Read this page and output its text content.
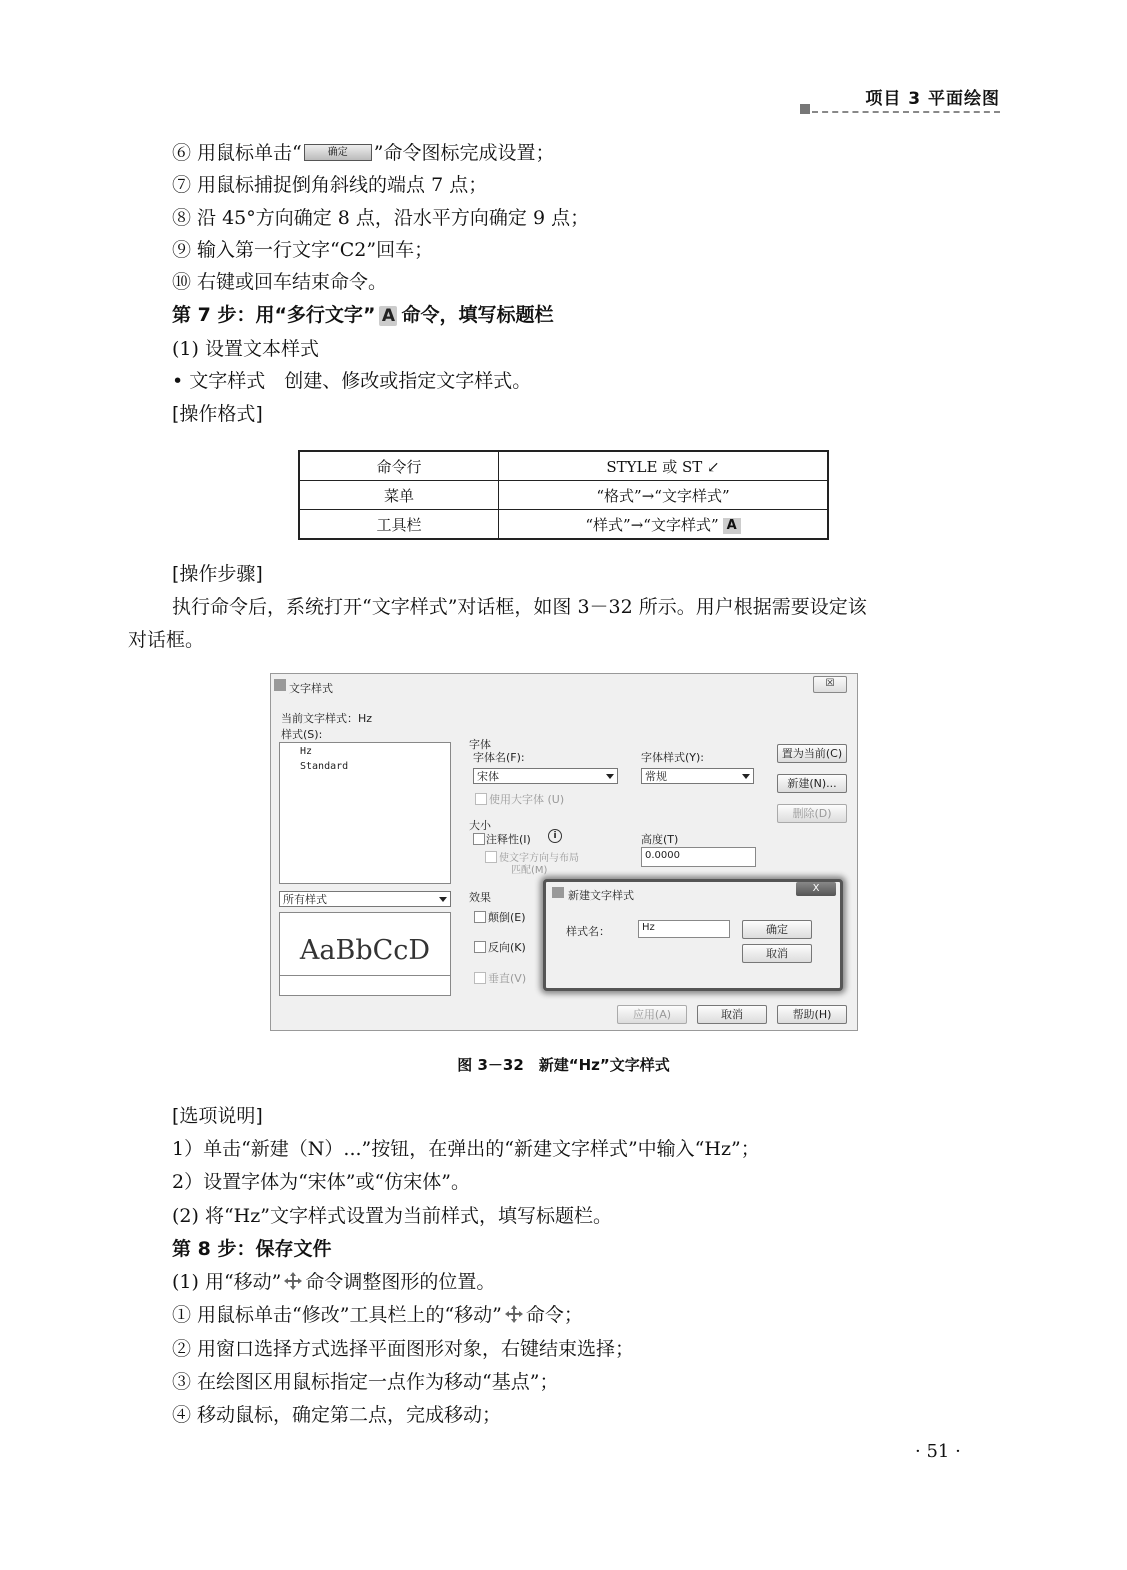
项目 3 平面绘图
⑥ 用鼠标单击“	确定 ”命令图标完成设置；
⑦ 用鼠标捕捉倒角斜线的端点 7 点；
⑧ 沿 45°方向确定 8 点，沿水平方向确定 9 点；
⑨ 输入第一行文字“C2”回车；
⑩ 右键或回车结束命令。
第 7 步：用“多行文字” A 命令，填写标题栏
(1) 设置文本样式
• 文字样式　创建、修改或指定文字样式。
[操作格式]
命令行	STYLE 或 ST ↙
菜单	“格式”→“文字样式”
工具栏	“样式”→“文字样式” A
[操作步骤]
执行命令后，系统打开“文字样式”对话框，如图 3－32 所示。用户根据需要设定该
对话框。
文字样式	☒
当前文字样式：Hz
样式(S):
Hz
Standard
所有样式
AaBbCcD
字体
字体名(F):
宋体
字体样式(Y):
常规
使用大字体 (U)
大小
注释性(I)	i
使文字方向与布局
匹配(M)
高度(T)
0.0000
效果
颠倒(E)
反向(K)
垂直(V)
置为当前(C)
新建(N)...
删除(D)
应用(A)	取消	帮助(H)
新建文字样式
X
样式名：	Hz	确定
取消
图 3－32　新建“Hz”文字样式
[选项说明]
1）单击“新建（N）...”按钮，在弹出的“新建文字样式”中输入“Hz”；
2）设置字体为“宋体”或“仿宋体”。
(2) 将“Hz”文字样式设置为当前样式，填写标题栏。
第 8 步：保存文件
(1) 用“移动” 命令调整图形的位置。
① 用鼠标单击“修改”工具栏上的“移动” 命令；
② 用窗口选择方式选择平面图形对象，右键结束选择；
③ 在绘图区用鼠标指定一点作为移动“基点”；
④ 移动鼠标，确定第二点，完成移动；
· 51 ·
